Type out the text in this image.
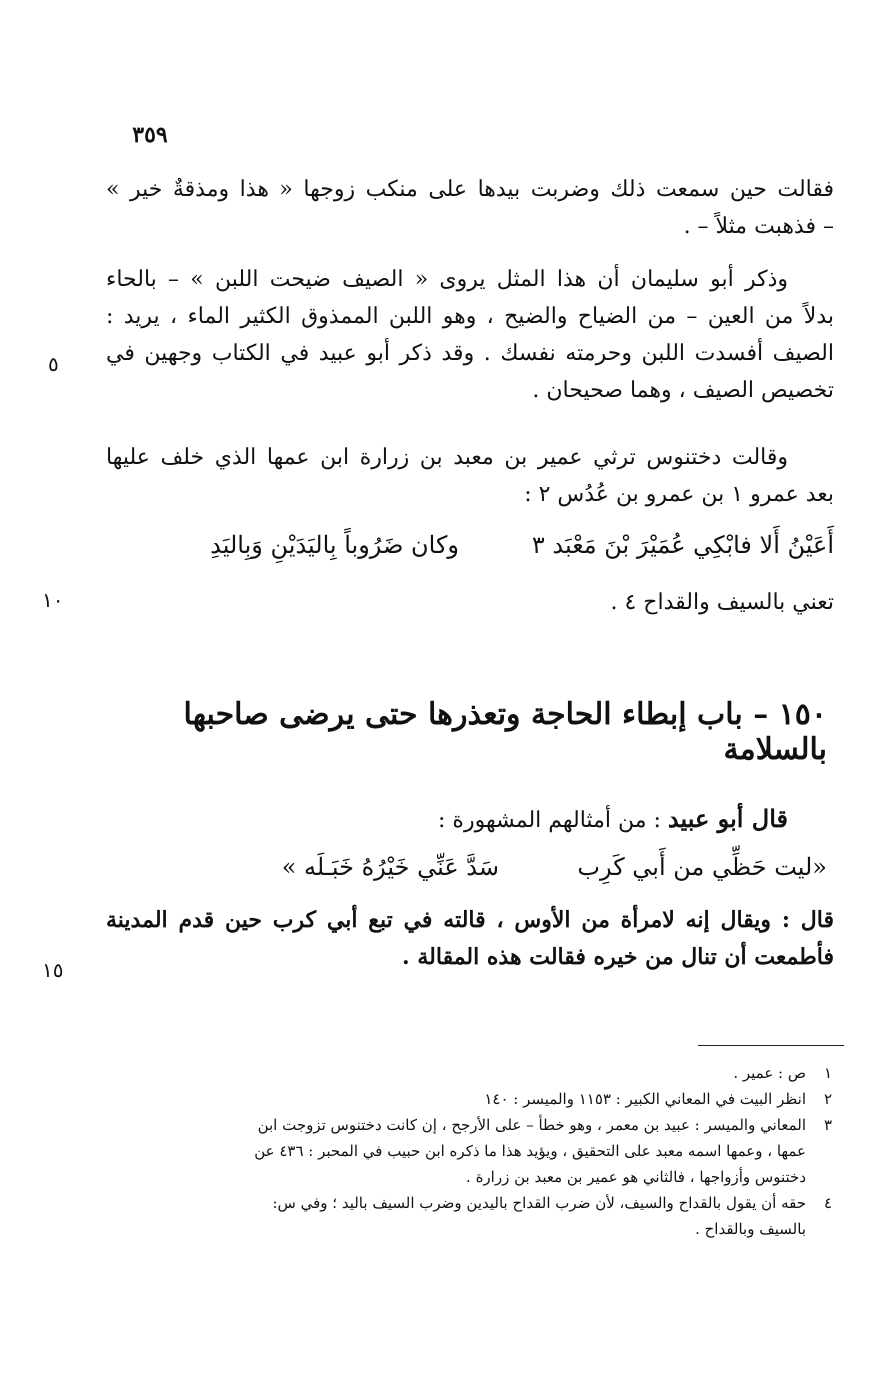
٣٥٩
فقالت حين سمعت ذلك وضربت بيدها على منكب زوجها « هذا ومذقةٌ خير »
– فذهبت مثلاً – .
وذكر أبو سليمان أن هذا المثل يروى « الصيف ضيحت اللبن » – بالحاء
بدلاً من العين – من الضياح والضيح ، وهو اللبن الممذوق الكثير الماء ، يريد :
الصيف أفسدت اللبن وحرمته نفسك . وقد ذكر أبو عبيد في الكتاب وجهين في
تخصيص الصيف ، وهما صحيحان .
وقالت دختنوس ترثي عمير بن معبد بن زرارة ابن عمها الذي خلف عليها
بعد عمرو ١ بن عمرو بن عُدُس ٢ :
أَعَيْنُ أَلا فابْكِي عُمَيْرَ بْنَ مَعْبَد ٣وكان ضَرُوباً بِاليَدَيْنِ وَبِاليَدِ
تعني بالسيف والقداح ٤ .
١٥٠ – باب إبطاء الحاجة وتعذرها حتى يرضى صاحبها بالسلامة
قال أبو عبيد : من أمثالهم المشهورة :
«ليت حَظِّي من أَبي كَرِبسَدَّ عَنِّي خَيْرُهُ خَبَـلَه »
قال : ويقال إنه لامرأة من الأوس ، قالته في تبع أبي كرب حين قدم المدينة
فأطمعت أن تنال من خيره فقالت هذه المقالة .
٥
١٠
١٥
١ص : عمير .
٢انظر البيت في المعاني الكبير : ١١٥٣ والميسر : ١٤٠
٣المعاني والميسر : عبيد بن معمر ، وهو خطأ – على الأرجح ، إن كانت دختنوس تزوجت ابن
عمها ، وعمها اسمه معبد على التحقيق ، ويؤيد هذا ما ذكره ابن حبيب في المحبر : ٤٣٦ عن
دختنوس وأزواجها ، فالثاني هو عمير بن معبد بن زرارة .
٤حقه أن يقول بالقداح والسيف، لأن ضرب القداح باليدين وضرب السيف باليد ؛ وفي س:
بالسيف وبالقداح .
